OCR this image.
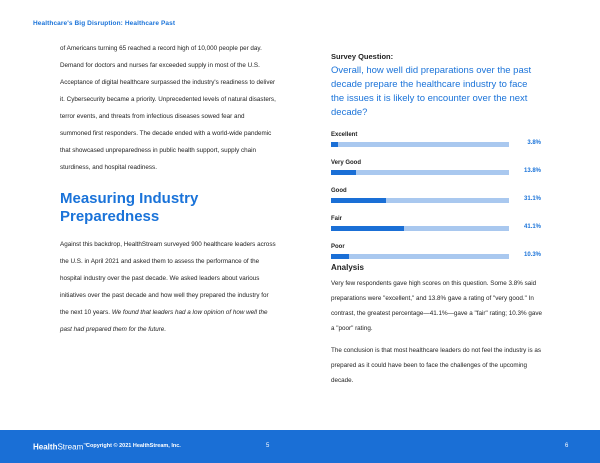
Healthcare's Big Disruption: Healthcare Past

of Americans turning 65 reached a record high of 10,000 people per day. Demand for doctors and nurses far exceeded supply in most of the U.S. Acceptance of digital healthcare surpassed the industry's readiness to deliver it. Cybersecurity became a priority. Unprecedented levels of natural disasters, terror events, and threats from infectious diseases sowed fear and summoned first responders. The decade ended with a world-wide pandemic that showcased unpreparedness in public health support, supply chain sturdiness, and hospital readiness.

Measuring Industry Preparedness

Against this backdrop, HealthStream surveyed 900 healthcare leaders across the U.S. in April 2021 and asked them to assess the performance of the hospital industry over the past decade. We asked leaders about various initiatives over the past decade and how well they prepared the industry for the next 10 years. We found that leaders had a low opinion of how well the past had prepared them for the future.

Survey Question:
Overall, how well did preparations over the past decade prepare the healthcare industry to face the issues it is likely to encounter over the next decade?
Excellent
3.8%
Very Good
13.8%
Good
31.1%
Fair
41.1%
Poor
10.3%
Analysis

Very few respondents gave high scores on this question. Some 3.8% said preparations were "excellent," and 13.8% gave a rating of "very good." In contrast, the greatest percentage—41.1%—gave a "fair" rating; 10.3% gave a "poor" rating.

The conclusion is that most healthcare leaders do not feel the industry is as prepared as it could have been to face the challenges of the upcoming decade.

HealthStream™
Copyright © 2021 HealthStream, Inc.	5	6
